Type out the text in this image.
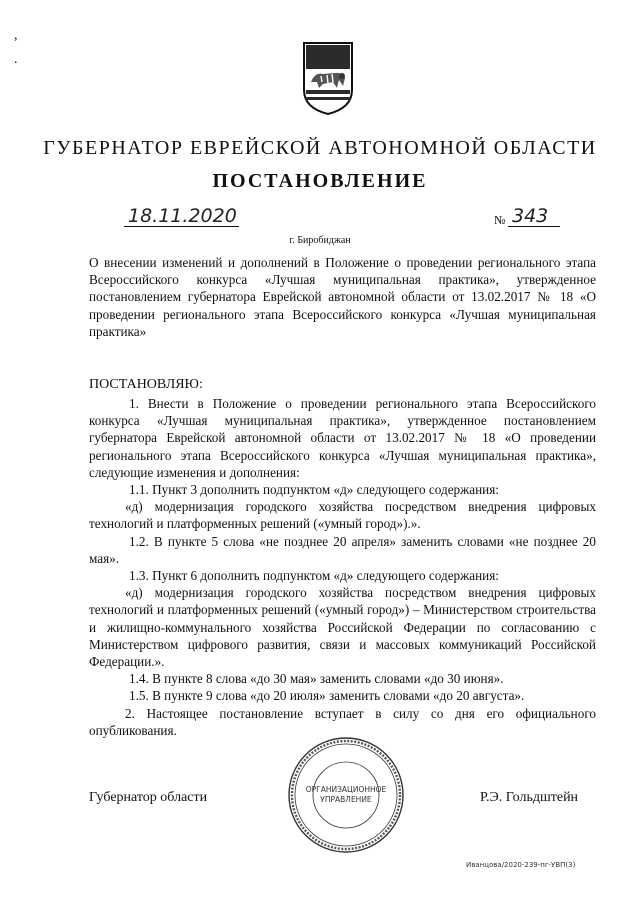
,
.
ГУБЕРНАТОР ЕВРЕЙСКОЙ АВТОНОМНОЙ ОБЛАСТИ
ПОСТАНОВЛЕНИЕ
18.11.2020	№ 343
г. Биробиджан

О внесении изменений и дополнений в Положение о проведении регионального этапа Всероссийского конкурса «Лучшая муниципальная практика», утвержденное постановлением губернатора Еврейской автономной области от 13.02.2017 № 18 «О проведении регионального этапа Всероссийского конкурса «Лучшая муниципальная практика»

ПОСТАНОВЛЯЮ:

1. Внести в Положение о проведении регионального этапа Всероссийского конкурса «Лучшая муниципальная практика», утвержденное постановлением губернатора Еврейской автономной области от 13.02.2017 № 18 «О проведении регионального этапа Всероссийского конкурса «Лучшая муниципальная практика», следующие изменения и дополнения:

1.1. Пункт 3 дополнить подпунктом «д» следующего содержания:

«д) модернизация городского хозяйства посредством внедрения цифровых технологий и платформенных решений («умный город»).».

1.2. В пункте 5 слова «не позднее 20 апреля» заменить словами «не позднее 20 мая».

1.3. Пункт 6 дополнить подпунктом «д» следующего содержания:

«д) модернизация городского хозяйства посредством внедрения цифровых технологий и платформенных решений («умный город») – Министерством строительства и жилищно-коммунального хозяйства Российской Федерации по согласованию с Министерством цифрового развития, связи и массовых коммуникаций Российской Федерации.».

1.4. В пункте 8 слова «до 30 мая» заменить словами «до 30 июня».

1.5. В пункте 9 слова «до 20 июля» заменить словами «до 20 августа».

2. Настоящее постановление вступает в силу со дня его официального опубликования.

Губернатор области	Р.Э. Гольдштейн
ОРГАНИЗАЦИОННОЕ
УПРАВЛЕНИЕ
Иванцова/2020-239-пг-УВП(3)
